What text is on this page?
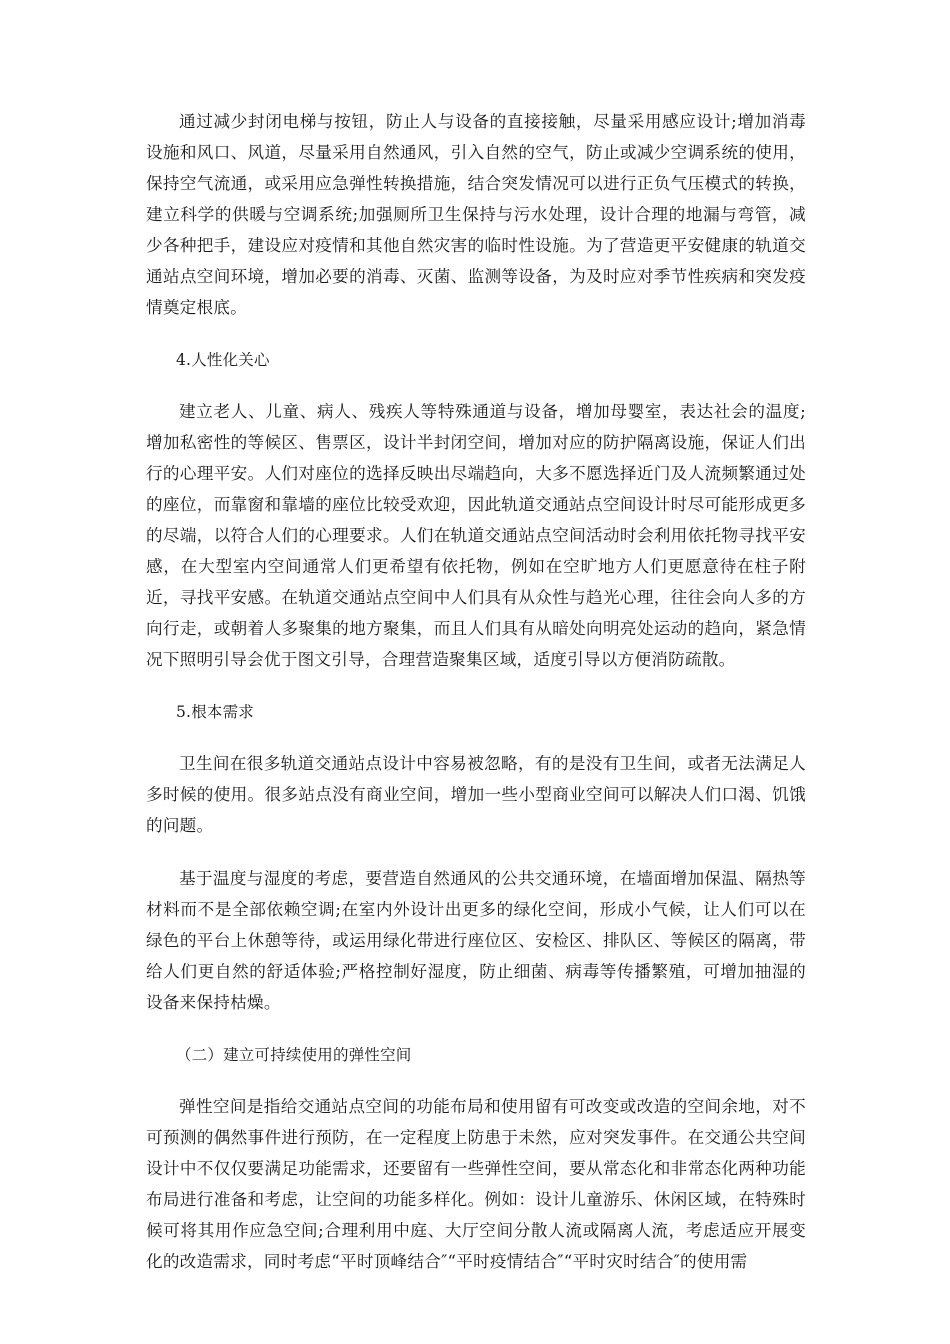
通过减少封闭电梯与按钮，防止人与设备的直接接触，尽量采用感应设计;增加消毒设施和风口、风道，尽量采用自然通风，引入自然的空气，防止或减少空调系统的使用，保持空气流通，或采用应急弹性转换措施，结合突发情况可以进行正负气压模式的转换，建立科学的供暖与空调系统;加强厕所卫生保持与污水处理，设计合理的地漏与弯管，减少各种把手，建设应对疫情和其他自然灾害的临时性设施。为了营造更平安健康的轨道交通站点空间环境，增加必要的消毒、灭菌、监测等设备，为及时应对季节性疾病和突发疫情奠定根底。

4.人性化关心

建立老人、儿童、病人、残疾人等特殊通道与设备，增加母婴室，表达社会的温度;增加私密性的等候区、售票区，设计半封闭空间，增加对应的防护隔离设施，保证人们出行的心理平安。人们对座位的选择反映出尽端趋向，大多不愿选择近门及人流频繁通过处的座位，而靠窗和靠墙的座位比较受欢迎，因此轨道交通站点空间设计时尽可能形成更多的尽端，以符合人们的心理要求。人们在轨道交通站点空间活动时会利用依托物寻找平安感，在大型室内空间通常人们更希望有依托物，例如在空旷地方人们更愿意待在柱子附近，寻找平安感。在轨道交通站点空间中人们具有从众性与趋光心理，往往会向人多的方向行走，或朝着人多聚集的地方聚集，而且人们具有从暗处向明亮处运动的趋向，紧急情况下照明引导会优于图文引导，合理营造聚集区域，适度引导以方便消防疏散。

5.根本需求

卫生间在很多轨道交通站点设计中容易被忽略，有的是没有卫生间，或者无法满足人多时候的使用。很多站点没有商业空间，增加一些小型商业空间可以解决人们口渴、饥饿的问题。

基于温度与湿度的考虑，要营造自然通风的公共交通环境，在墙面增加保温、隔热等材料而不是全部依赖空调;在室内外设计出更多的绿化空间，形成小气候，让人们可以在绿色的平台上休憩等待，或运用绿化带进行座位区、安检区、排队区、等候区的隔离，带给人们更自然的舒适体验;严格控制好湿度，防止细菌、病毒等传播繁殖，可增加抽湿的设备来保持枯燥。

（二）建立可持续使用的弹性空间

弹性空间是指给交通站点空间的功能布局和使用留有可改变或改造的空间余地，对不可预测的偶然事件进行预防，在一定程度上防患于未然，应对突发事件。在交通公共空间设计中不仅仅要满足功能需求，还要留有一些弹性空间，要从常态化和非常态化两种功能布局进行准备和考虑，让空间的功能多样化。例如：设计儿童游乐、休闲区域，在特殊时候可将其用作应急空间;合理利用中庭、大厅空间分散人流或隔离人流，考虑适应开展变化的改造需求，同时考虑“平时顶峰结合″“平时疫情结合″“平时灾时结合″的使用需
